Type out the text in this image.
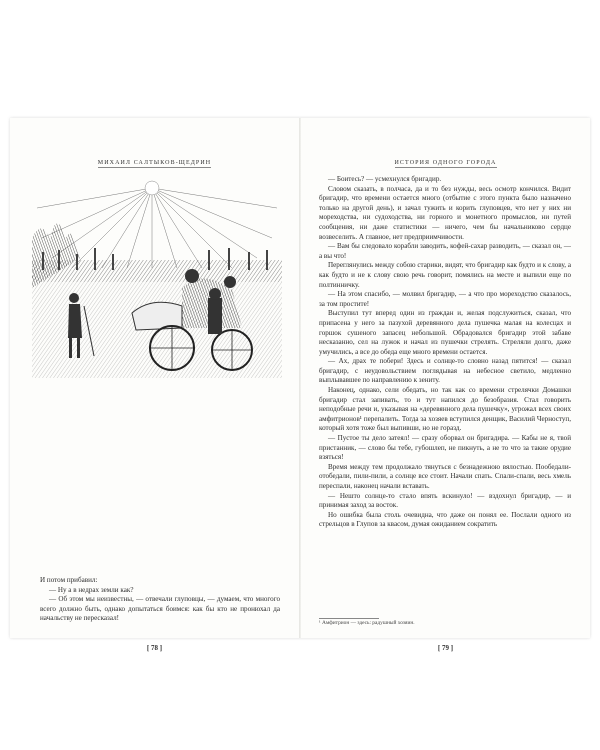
МИХАИЛ САЛТЫКОВ-ЩЕДРИН

И потом прибавил:

— Ну а в недрах земли как?

— Об этом мы неизвестны, — отвечали глуповцы, — думаем, что многого всего должно быть, однако допытаться боимся: как бы кто не пронюхал да начальству не пересказал!

[ 78 ]
ИСТОРИЯ ОДНОГО ГОРОДА

— Боитесь? — усмехнулся бригадир.

Словом сказать, в полчаса, да и то без нужды, весь осмотр кончился. Видит бригадир, что времени остается много (отбытие с этого пункта было назначено только на другой день), и зачал тужить и корить глуповцев, что нет у них ни мореходства, ни судоходства, ни горного и монетного промыслов, ни путей сообщения, ни даже статистики — ничего, чем бы начальниково сердце возвеселить. А главное, нет предприимчивости.

— Вам бы следовало корабли заводить, кофей-сахар разводить, — сказал он, — а вы что!

Переглянулись между собою старики, видят, что бригадир как будто и к слову, а как будто и не к слову свою речь говорит, помялись на месте и выпили еще по полтинничку.

— На этом спасибо, — молвил бригадир, — а что про мореходство сказалось, за том простите!

Выступил тут вперед один из граждан и, желая подслужиться, сказал, что припасена у него за пазухой деревянного дела пушечка малая на колесцах и горшок сушеного запасец небольшой. Обрадовался бригадир этой забаве несказанно, сел на лужок и начал из пушечки стрелять. Стреляли долго, даже умучились, а все до обеда еще много времени остается.

— Ах, драх те побери! Здесь и солнце-то словно назад пятится! — сказал бригадир, с неудовольствием поглядывая на небесное светило, медленно выплывавшее по направлению к зениту.

Наконец, однако, сели обедать, но так как со времени стрелячки Домашки бригадир стал запивать, то и тут напился до безобразия. Стал говорить неподобные речи и, указывая на «деревянного дела пушечку», угрожал всех своих амфитрионов¹ перепалить. Тогда за хозяев вступился денщик, Василий Черноступ, который хотя тоже был выпивши, но не горазд.

— Пустое ты дело затеял! — сразу оборвал он бригадира. — Кабы не я, твой пристанник, — слово бы тебе, губошлеп, не пикнуть, а не то что за такие орудие взяться!

Время между тем продолжало тянуться с безнадежною вялостью. Пообедали-отобедали, пили-пили, а солнце все стоит. Начали спать. Спали-спали, весь хмель переспали, наконец начали вставать.

— Нешто солнце-то стало впять вскинуло! — вздохнул бригадир, — и принимая заход за восток.

Но ошибка была столь очевидна, что даже он понял ее. Послали одного из стрельцов в Глупов за квасом, думая ожиданием сократить

¹ Амфитрион — здесь: радушный хозяин.
[ 79 ]
